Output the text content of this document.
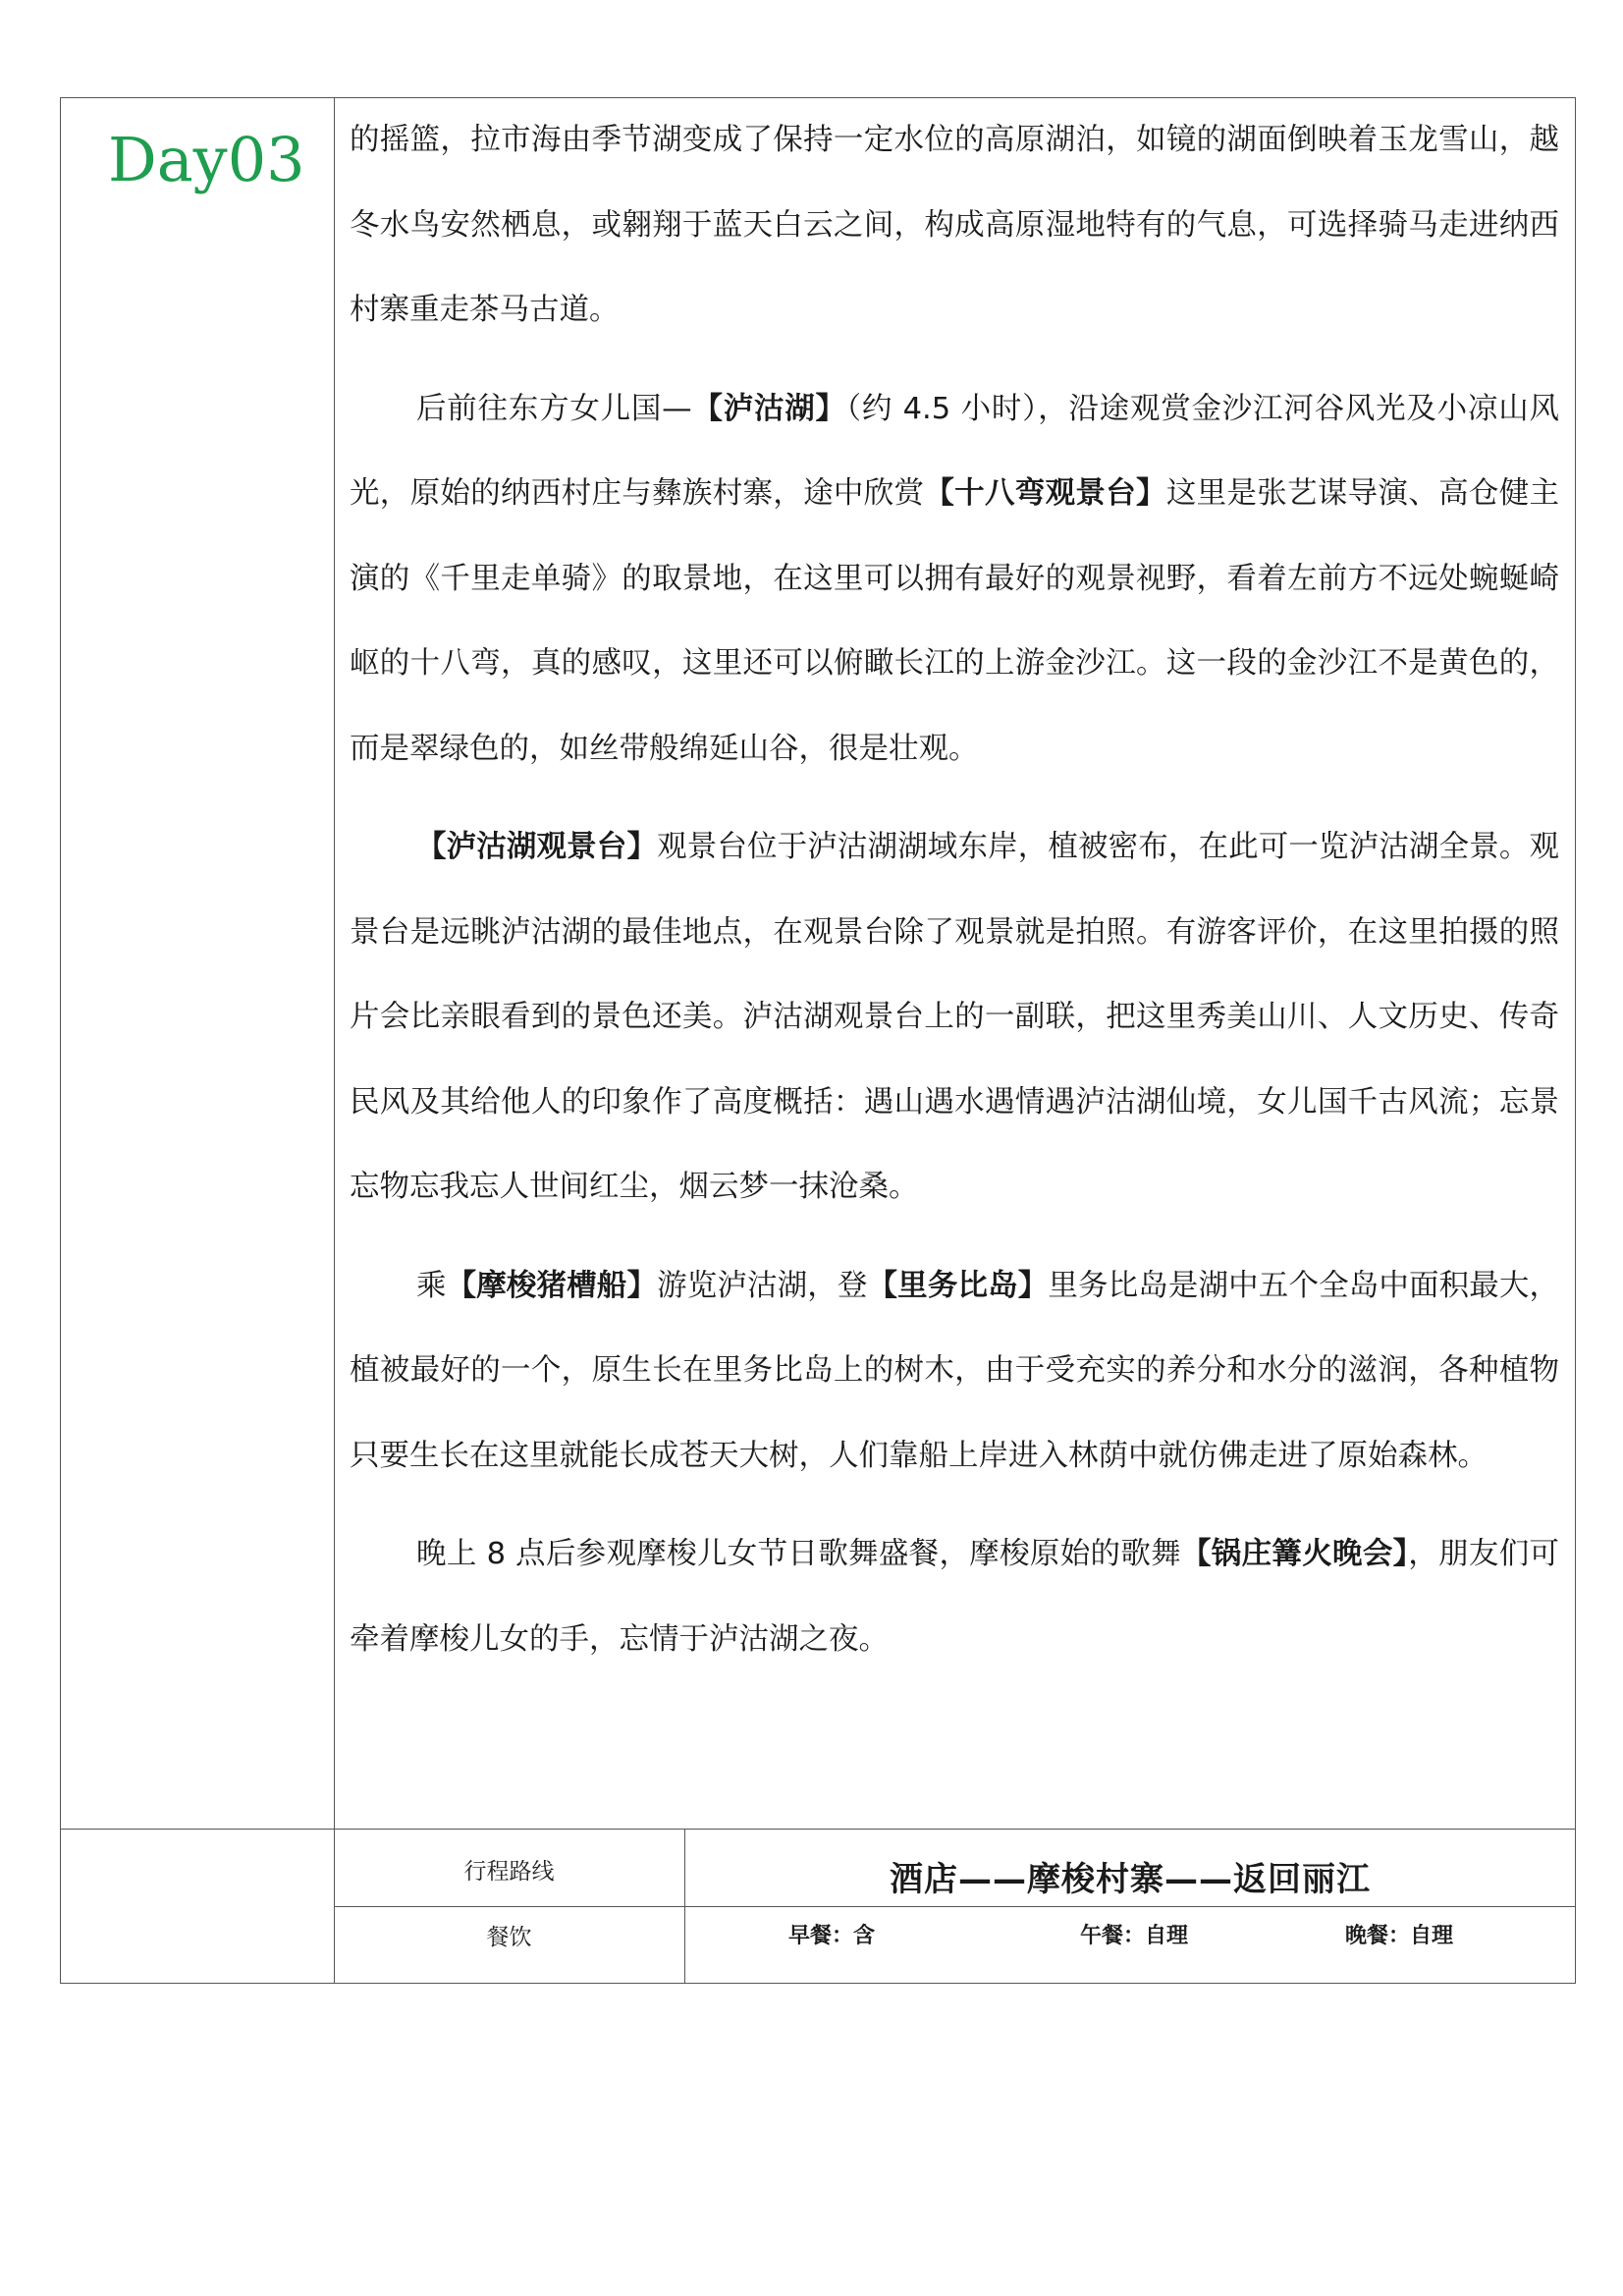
Day03 的摇篮，拉市海由季节湖变成了保持一定水位的高原湖泊，如镜的湖面倒映着玉龙雪山，越冬水鸟安然栖息，或翱翔于蓝天白云之间，构成高原湿地特有的气息，可选择骑马走进纳西村寨重走茶马古道。

后前往东方女儿国—【泸沽湖】（约 4.5 小时），沿途观赏金沙江河谷风光及小凉山风光，原始的纳西村庄与彝族村寨，途中欣赏【十八弯观景台】这里是张艺谋导演、高仓健主演的《千里走单骑》的取景地，在这里可以拥有最好的观景视野，看着左前方不远处蜿蜒崎岖的十八弯，真的感叹，这里还可以俯瞰长江的上游金沙江。这一段的金沙江不是黄色的，而是翠绿色的，如丝带般绵延山谷，很是壮观。

【泸沽湖观景台】观景台位于泸沽湖湖域东岸，植被密布，在此可一览泸沽湖全景。观景台是远眺泸沽湖的最佳地点，在观景台除了观景就是拍照。有游客评价，在这里拍摄的照片会比亲眼看到的景色还美。泸沽湖观景台上的一副联，把这里秀美山川、人文历史、传奇民风及其给他人的印象作了高度概括：遇山遇水遇情遇泸沽湖仙境，女儿国千古风流；忘景忘物忘我忘人世间红尘，烟云梦一抹沧桑。

乘【摩梭猪槽船】游览泸沽湖，登【里务比岛】里务比岛是湖中五个全岛中面积最大，植被最好的一个，原生长在里务比岛上的树木，由于受充实的养分和水分的滋润，各种植物只要生长在这里就能长成苍天大树，人们靠船上岸进入林荫中就仿佛走进了原始森林。

晚上 8 点后参观摩梭儿女节日歌舞盛餐，摩梭原始的歌舞【锅庄篝火晚会】，朋友们可牵着摩梭儿女的手，忘情于泸沽湖之夜。

行程路线	酒店——摩梭村寨——返回丽江
餐饮	早餐：含	午餐：自理	晚餐：自理
